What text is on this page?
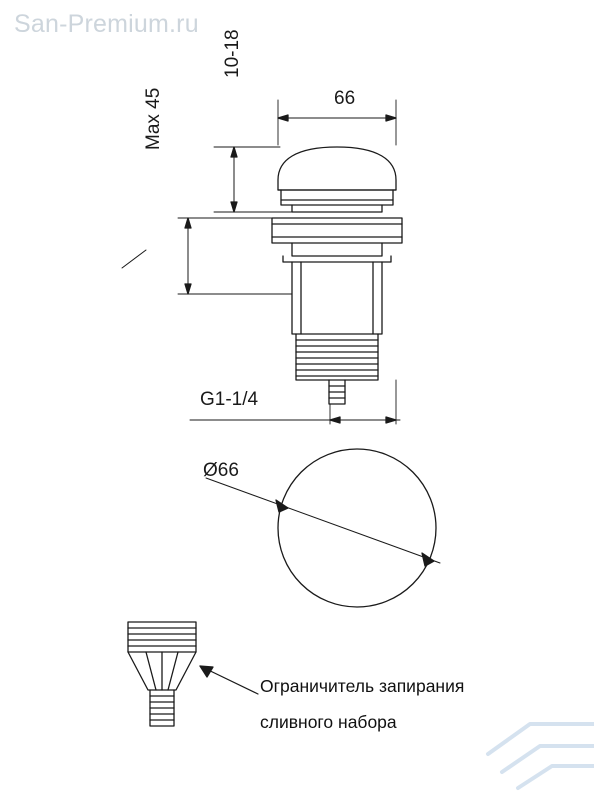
San-Premium.ru
66
10-18
Max 45
G1-1/4
Ø66
Ограничитель запирания
сливного набора
